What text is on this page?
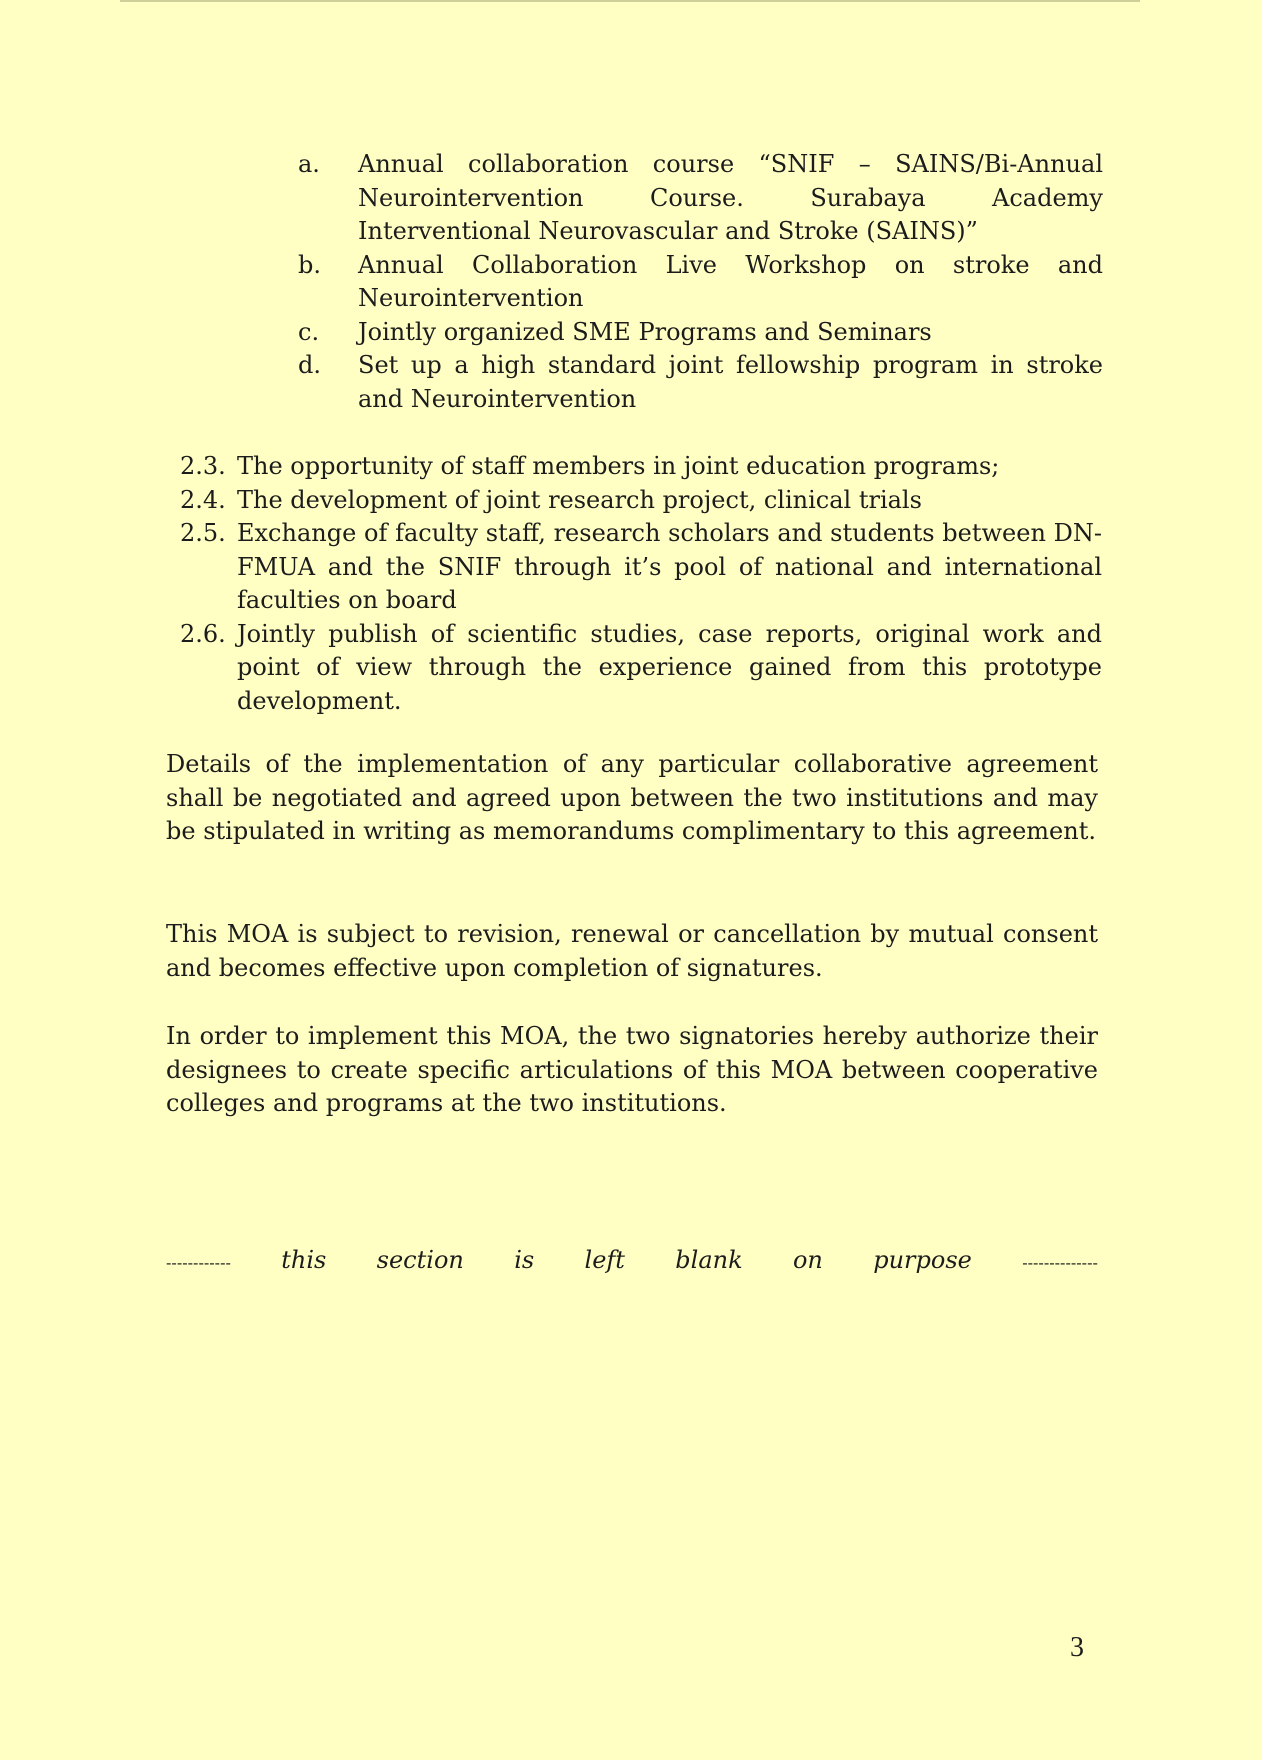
a.	Annual collaboration course “SNIF – SAINS/Bi-Annual Neurointervention Course. Surabaya Academy Interventional Neurovascular and Stroke (SAINS)”
b.	Annual Collaboration Live Workshop on stroke and Neurointervention
c.	Jointly organized SME Programs and Seminars
d.	Set up a high standard joint fellowship program in stroke and Neurointervention
2.3. The opportunity of staff members in joint education programs;
2.4. The development of joint research project, clinical trials
2.5. Exchange of faculty staff, research scholars and students between DN-FMUA and the SNIF through it’s pool of national and international faculties on board
2.6. Jointly publish of scientific studies, case reports, original work and point of view through the experience gained from this prototype development.

Details of the implementation of any particular collaborative agreement shall be negotiated and agreed upon between the two institutions and may be stipulated in writing as memorandums complimentary to this agreement.

This MOA is subject to revision, renewal or cancellation by mutual consent and becomes effective upon completion of signatures.

In order to implement this MOA, the two signatories hereby authorize their designees to create specific articulations of this MOA between cooperative colleges and programs at the two institutions.

------------ this section is left blank on purpose	--------------
3
